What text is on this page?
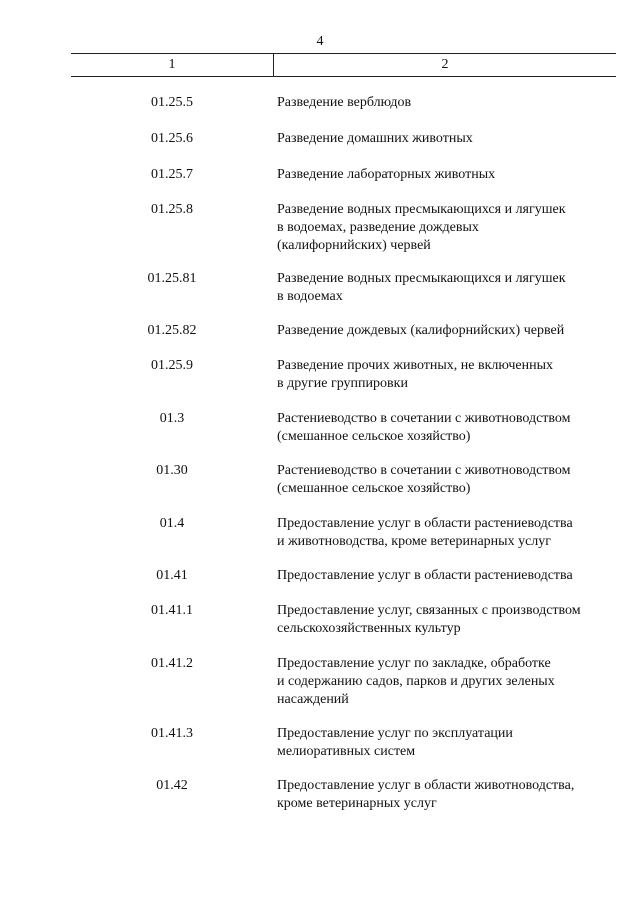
4
1	2
01.25.5	Разведение верблюдов
01.25.6	Разведение домашних животных
01.25.7	Разведение лабораторных животных
01.25.8	Разведение водных пресмыкающихся и лягушек
в водоемах, разведение дождевых
(калифорнийских) червей
01.25.81	Разведение водных пресмыкающихся и лягушек
в водоемах
01.25.82	Разведение дождевых (калифорнийских) червей
01.25.9	Разведение прочих животных, не включенных
в другие группировки
01.3	Растениеводство в сочетании с животноводством
(смешанное сельское хозяйство)
01.30	Растениеводство в сочетании с животноводством
(смешанное сельское хозяйство)
01.4	Предоставление услуг в области растениеводства
и животноводства, кроме ветеринарных услуг
01.41	Предоставление услуг в области растениеводства
01.41.1	Предоставление услуг, связанных с производством
сельскохозяйственных культур
01.41.2	Предоставление услуг по закладке, обработке
и содержанию садов, парков и других зеленых
насаждений
01.41.3	Предоставление услуг по эксплуатации
мелиоративных систем
01.42	Предоставление услуг в области животноводства,
кроме ветеринарных услуг
